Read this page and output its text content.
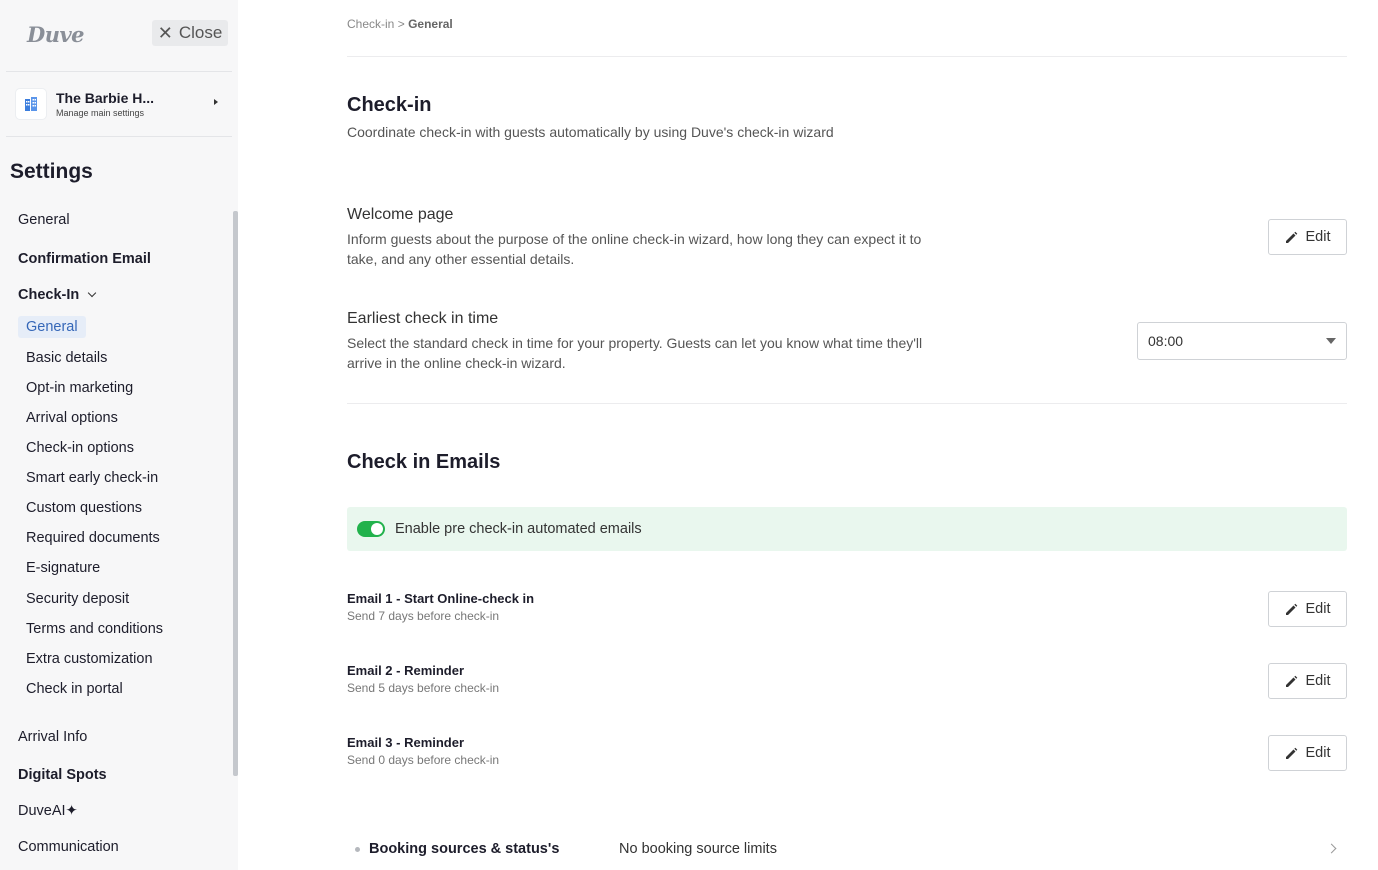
Duve	✕ Close
The Barbie H...
Manage main settings
Settings
General
Confirmation Email
Check-In
General
Basic details
Opt-in marketing
Arrival options
Check-in options
Smart early check-in
Custom questions
Required documents
E-signature
Security deposit
Terms and conditions
Extra customization
Check in portal
Arrival Info
Digital Spots
DuveAI✦
Communication
Check-in > General
Check-in
Coordinate check-in with guests automatically by using Duve's check-in wizard
Welcome page
Inform guests about the purpose of the online check-in wizard, how long they can expect it to take, and any other essential details.
Edit
Earliest check in time
Select the standard check in time for your property. Guests can let you know what time they'll arrive in the online check-in wizard.
08:00
Check in Emails
Enable pre check-in automated emails
Email 1 - Start Online-check in
Send 7 days before check-in	Edit
Email 2 - Reminder
Send 5 days before check-in	Edit
Email 3 - Reminder
Send 0 days before check-in	Edit
Booking sources & status's	No booking source limits
